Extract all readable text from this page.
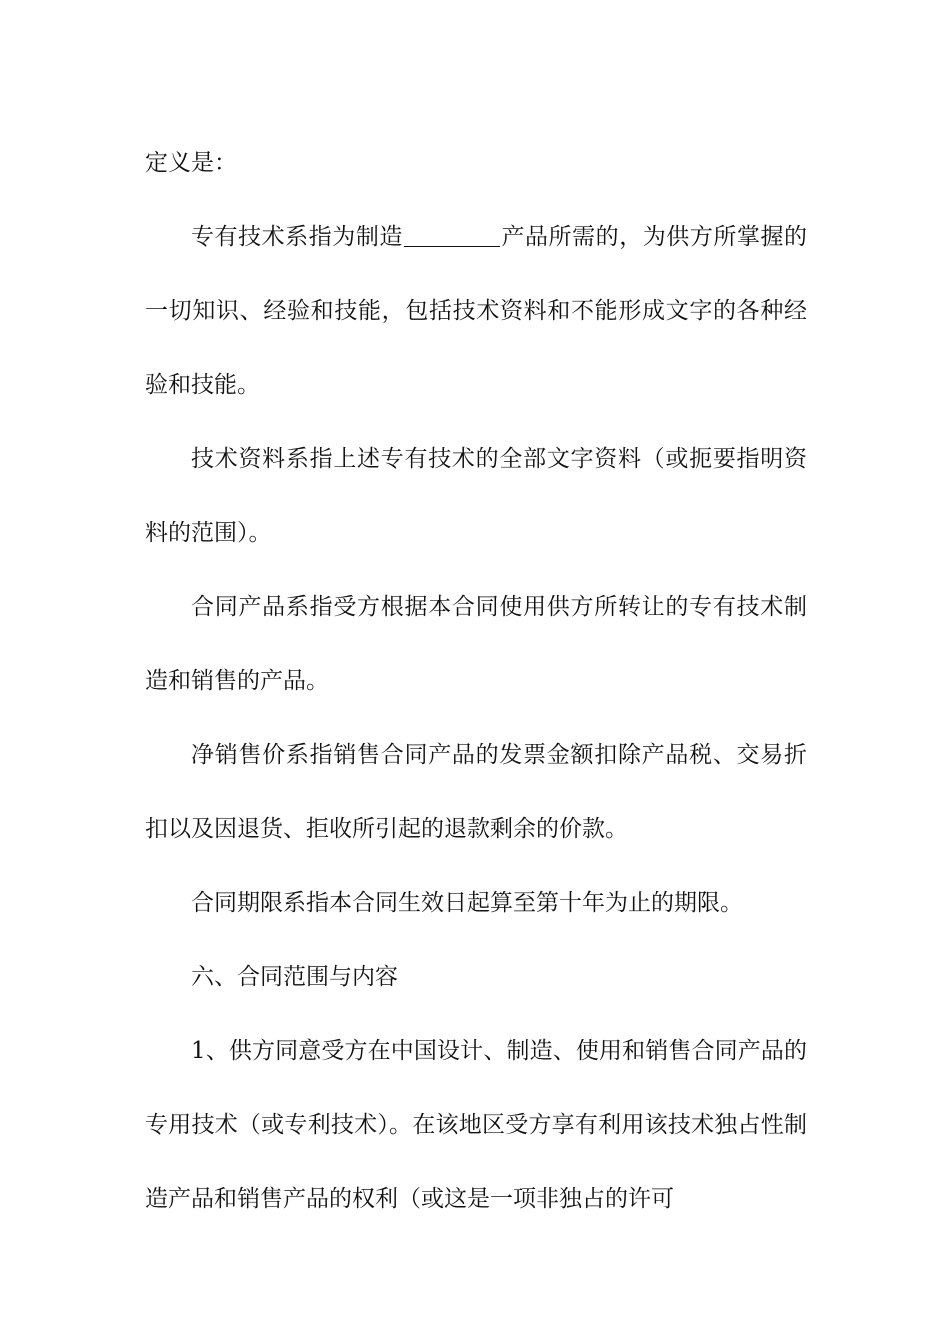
定义是：

专有技术系指为制造	产品所需的，为供方所掌握的一切知识、经验和技能，包括技术资料和不能形成文字的各种经验和技能。

技术资料系指上述专有技术的全部文字资料（或扼要指明资料的范围）。

合同产品系指受方根据本合同使用供方所转让的专有技术制造和销售的产品。

净销售价系指销售合同产品的发票金额扣除产品税、交易折扣以及因退货、拒收所引起的退款剩余的价款。

合同期限系指本合同生效日起算至第十年为止的期限。

六、合同范围与内容

1、供方同意受方在中国设计、制造、使用和销售合同产品的专用技术（或专利技术）。在该地区受方享有利用该技术独占性制造产品和销售产品的权利（或这是一项非独占的许可
